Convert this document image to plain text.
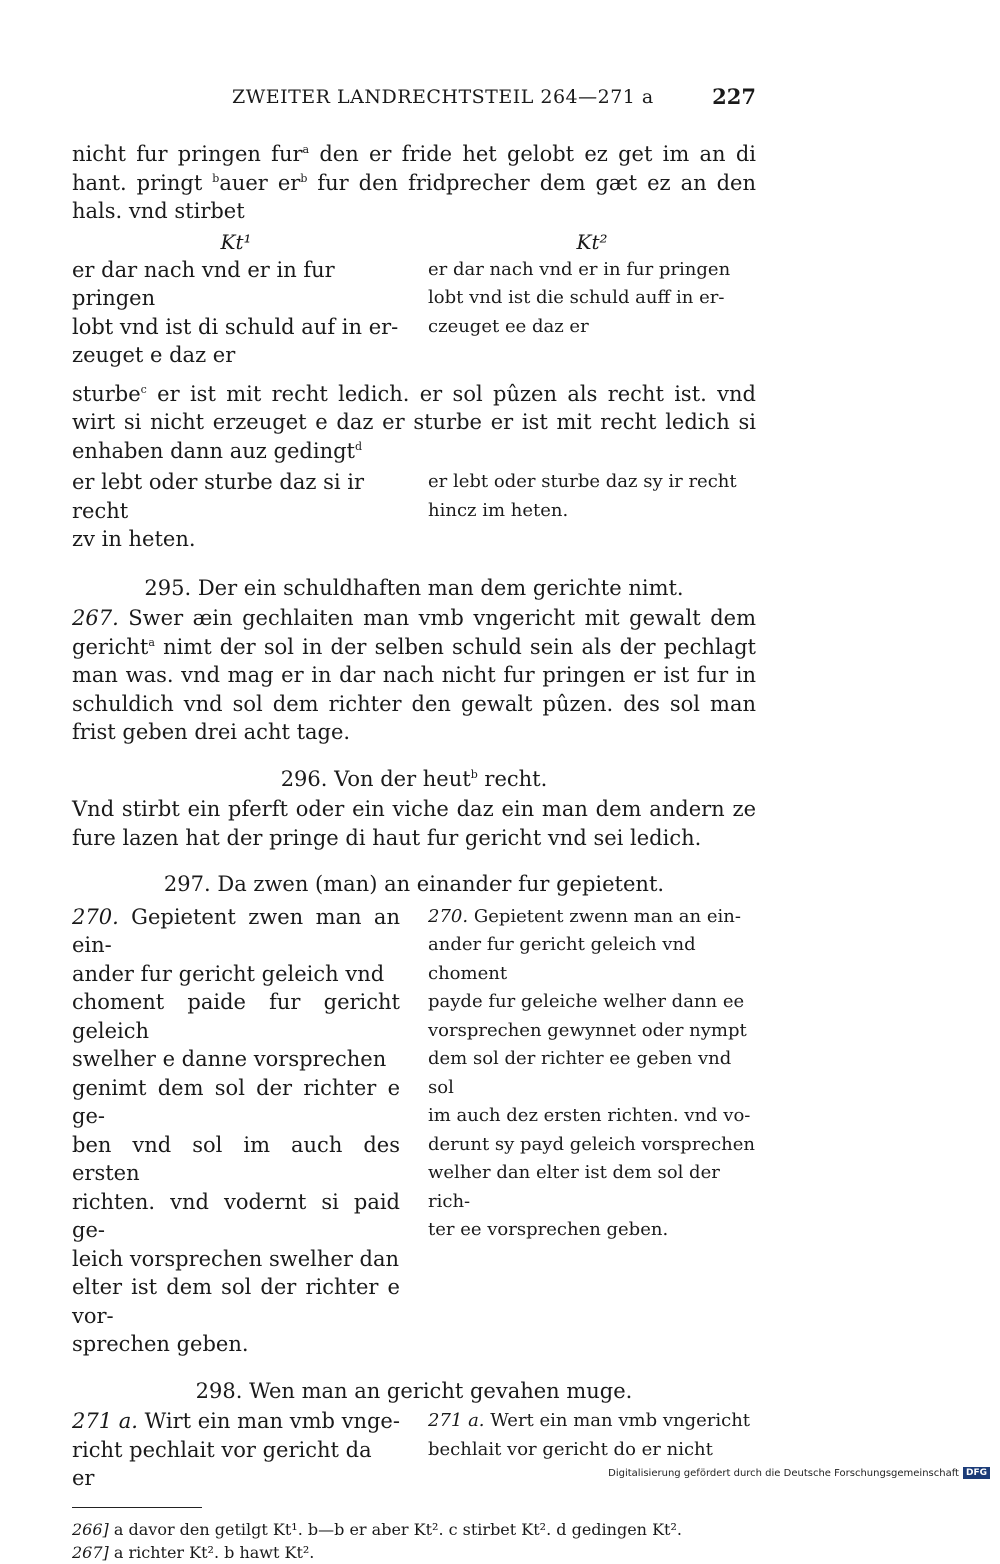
ZWEITER LANDRECHTSTEIL 264—271 a	227

nicht fur pringen fur$^a$ den er fride het gelobt ez get im an di hant. pringt $^b$auer $er^b$ fur den fridprecher dem gæt ez an den hals. vnd stirbet

Kt¹
er dar nach vnd er in fur pringen
lobt vnd ist di schuld auf in er-
zeuget e daz er
Kt²
er dar nach vnd er in fur pringen
lobt vnd ist die schuld auff in er-
czeuget ee daz er

sturbe$^c$ er ist mit recht ledich. er sol pûzen als recht ist. vnd wirt si nicht erzeuget e daz er sturbe er ist mit recht ledich si enhaben dann auz gedingt$^d$

er lebt oder sturbe daz si ir recht
zv in heten.
er lebt oder sturbe daz sy ir recht
hincz im heten.
295. Der ein schuldhaften man dem gerichte nimt.

267. Swer æin gechlaiten man vmb vngericht mit gewalt dem gericht$^a$ nimt der sol in der selben schuld sein als der pechlagt man was. vnd mag er in dar nach nicht fur pringen er ist fur in schuldich vnd sol dem richter den gewalt pûzen. des sol man frist geben drei acht tage.

296. Von der heut$^b$ recht.

Vnd stirbt ein pferft oder ein viche daz ein man dem andern ze fure lazen hat der pringe di haut fur gericht vnd sei ledich.

297. Da zwen (man) an einander fur gepietent.
270. Gepietent zwen man an ein-
ander fur gericht geleich vnd
choment paide fur gericht geleich
swelher e danne vorsprechen
genimt dem sol der richter e ge-
ben vnd sol im auch des ersten
richten. vnd vodernt si paid ge-
leich vorsprechen swelher dan
elter ist dem sol der richter e vor-
sprechen geben.
270. Gepietent zwenn man an ein-
ander fur gericht geleich vnd choment
payde fur geleiche welher dann ee
vorsprechen gewynnet oder nympt
dem sol der richter ee geben vnd sol
im auch dez ersten richten. vnd vo-
derunt sy payd geleich vorsprechen
welher dan elter ist dem sol der rich-
ter ee vorsprechen geben.
298. Wen man an gericht gevahen muge.
271 a. Wirt ein man vmb vnge-
richt pechlait vor gericht da er
271 a. Wert ein man vmb vngericht
bechlait vor gericht do er nicht
266] a davor den getilgt Kt¹. b—b er aber Kt². c stirbet Kt². d gedingen Kt².
267] a richter Kt². b hawt Kt².
Digitalisierung gefördert durch die Deutsche Forschungsgemeinschaft DFG
